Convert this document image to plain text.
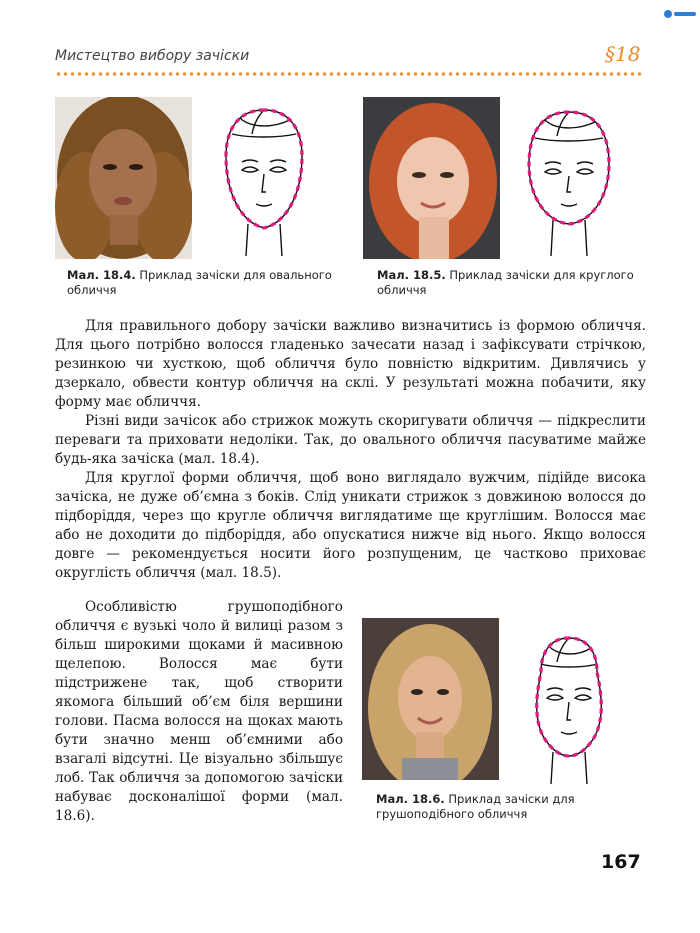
Мистецтво вибору зачіски	§18
Мал. 18.4. Приклад зачіски для овального обличчя
Мал. 18.5. Приклад зачіски для круглого обличчя

Для правильного добору зачіски важливо визначитись із формою обличчя. Для цього потрібно волосся гладенько зачесати назад і зафіксувати стрічкою, резинкою чи хусткою, щоб обличчя було повністю відкритим. Дивлячись у дзеркало, обвести контур обличчя на склі. У результаті можна побачити, яку форму має обличчя.

Різні види зачісок або стрижок можуть скоригувати обличчя — підкреслити переваги та приховати недоліки. Так, до овального обличчя пасуватиме майже будь-яка зачіска (мал. 18.4).

Для круглої форми обличчя, щоб воно виглядало вужчим, підійде висока зачіска, не дуже об’ємна з боків. Слід уникати стрижок з довжиною волосся до підборіддя, через що кругле обличчя виглядатиме ще круглішим. Волосся має або не доходити до підборіддя, або опускатися нижче від нього. Якщо волосся довге — рекомендується носити його розпущеним, це частково приховає округлість обличчя (мал. 18.5).

Особливістю грушоподібного обличчя є вузькі чоло й вилиці разом з більш широкими щоками й масивною щелепою. Волосся має бути підстрижене так, щоб створити якомога більший об’єм біля вершини голови. Пасма волосся на щоках мають бути значно менш об’ємними або взагалі відсутні. Це візуально збільшує лоб. Так обличчя за допомогою зачіски набуває досконалішої форми (мал. 18.6).

Мал. 18.6. Приклад зачіски для грушоподібного обличчя
167
